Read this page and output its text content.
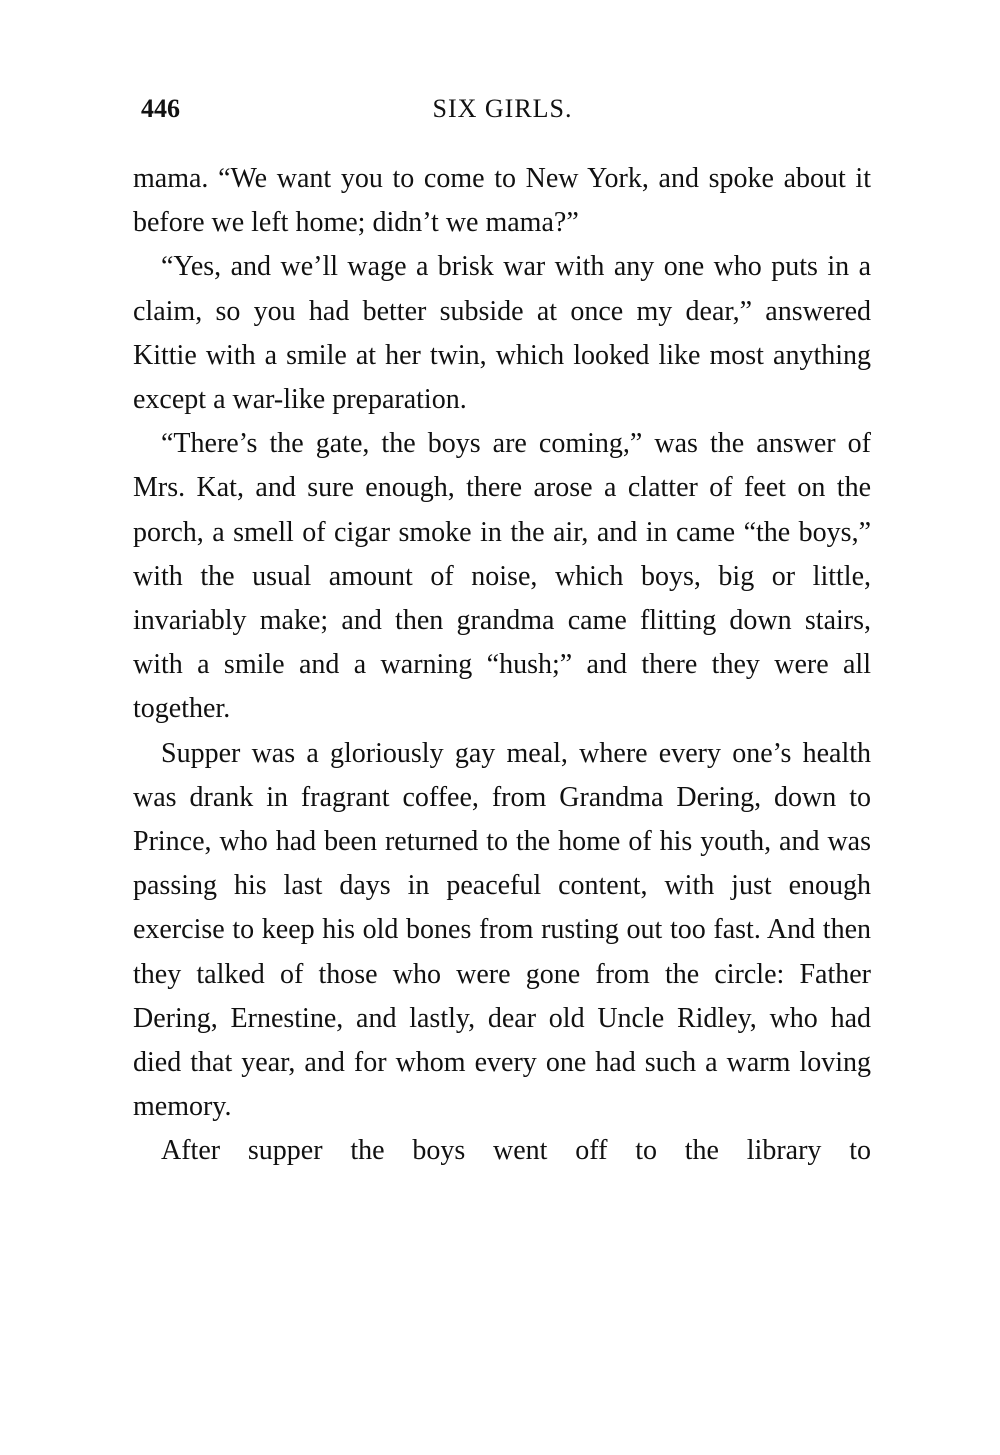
446	SIX GIRLS.

mama. “We want you to come to New York, and spoke about it before we left home; didn’t we mama?”

“Yes, and we’ll wage a brisk war with any one who puts in a claim, so you had better subside at once my dear,” answered Kittie with a smile at her twin, which looked like most anything except a war-like preparation.

“There’s the gate, the boys are coming,” was the answer of Mrs. Kat, and sure enough, there arose a clatter of feet on the porch, a smell of cigar smoke in the air, and in came “the boys,” with the usual amount of noise, which boys, big or little, invariably make; and then grandma came flitting down stairs, with a smile and a warning “hush;” and there they were all together.

Supper was a gloriously gay meal, where every one’s health was drank in fragrant coffee, from Grandma Dering, down to Prince, who had been returned to the home of his youth, and was passing his last days in peaceful content, with just enough exercise to keep his old bones from rusting out too fast. And then they talked of those who were gone from the circle: Father Dering, Ernestine, and lastly, dear old Uncle Ridley, who had died that year, and for whom every one had such a warm loving memory.

After supper the boys went off to the library to
